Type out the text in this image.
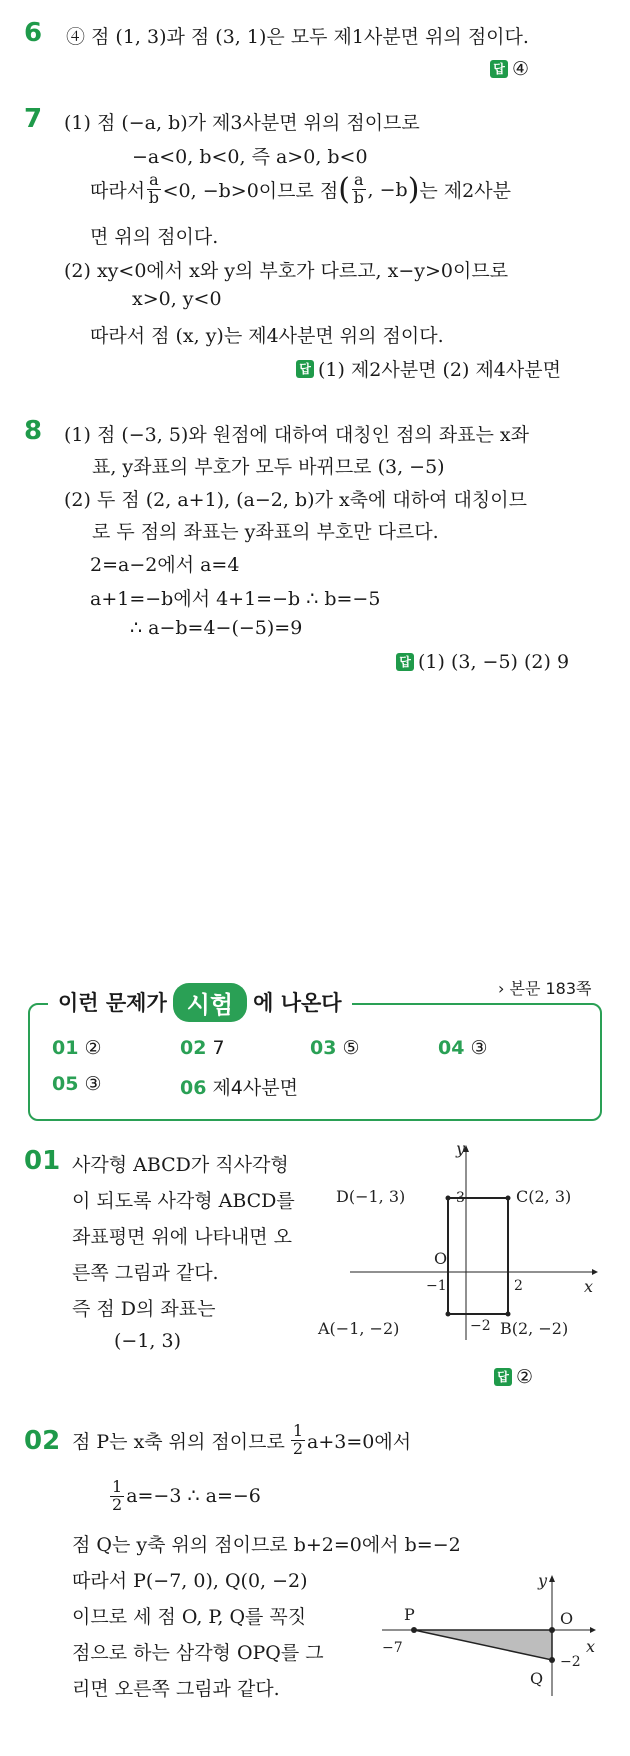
6 ④ 점 (1, 3)과 점 (3, 1)은 모두 제1사분면 위의 점이다.
답 ④
7 (1) 점 (−a, b)가 제3사분면 위의 점이므로
−a<0, b<0, 즉 a>0, b<0
따라서 $\frac{a}{b} <0$, −b>0이므로 점 ( $\frac{a}{b}$ , −b ) 는 제2사분
면 위의 점이다.
(2) xy<0에서 x와 y의 부호가 다르고, x−y>0이므로
x>0, y<0
따라서 점 (x, y)는 제4사분면 위의 점이다.
답 (1) 제2사분면 (2) 제4사분면
8 (1) 점 (−3, 5)와 원점에 대하여 대칭인 점의 좌표는 x좌
표, y좌표의 부호가 모두 바뀌므로 (3, −5)
(2) 두 점 (2, a+1), (a−2, b)가 x축에 대하여 대칭이므
로 두 점의 좌표는 y좌표의 부호만 다르다.
2=a−2에서 a=4
a+1=−b에서 4+1=−b ∴ b=−5
∴ a−b=4−(−5)=9
답 (1) (3, −5) (2) 9
› 본문 183쪽
이런 문제가 시험 에 나온다
01 ②	02 7	03 ⑤	04 ③
05 ③	06 제4사분면
01 사각형 ABCD가 직사각형
이 되도록 사각형 ABCD를
좌표평면 위에 나타내면 오
른쪽 그림과 같다.
즉 점 D의 좌표는
(−1, 3)
D(−1, 3)	3	C(2, 3)
O
−1	2	x
y
A(−1, −2)	−2 B(2, −2)
답 ②
02 점 P는 x축 위의 점이므로 $\frac{1}{2} a+3=0$에서
$\frac{1}{2} a=-3$ ∴ a=−6
점 Q는 y축 위의 점이므로 b+2=0에서 b=−2
따라서 P(−7, 0), Q(0, −2)
이므로 세 점 O, P, Q를 꼭짓
점으로 하는 삼각형 OPQ를 그
리면 오른쪽 그림과 같다.
P	O
Q
x
y
−7
−2
